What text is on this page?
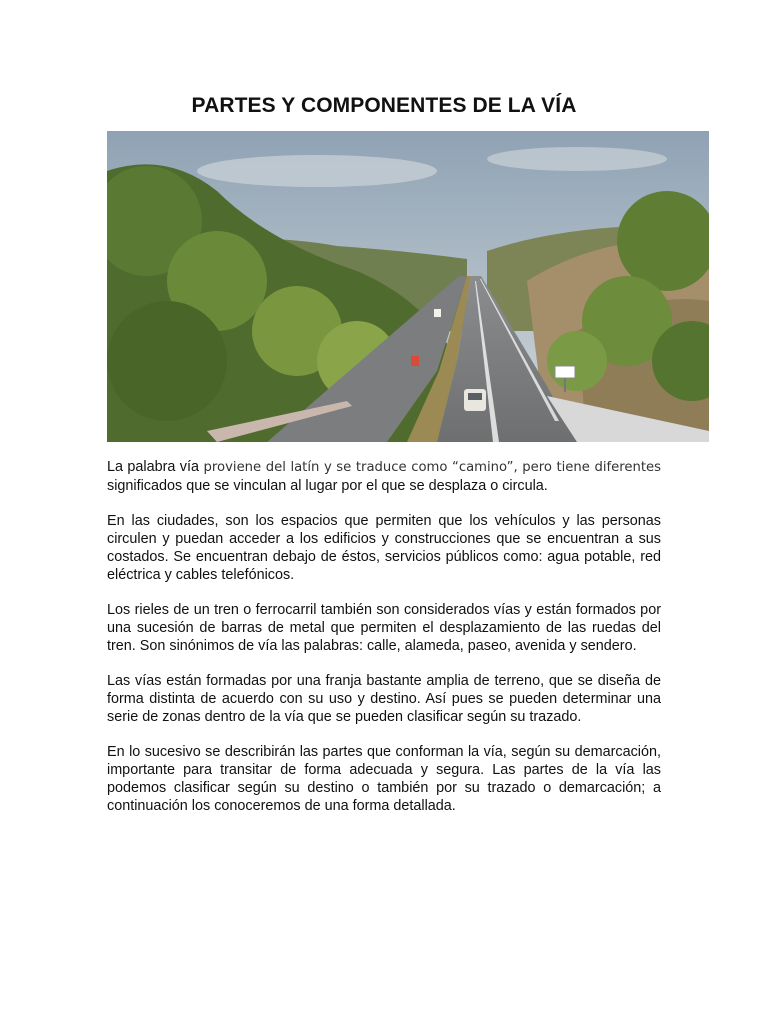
PARTES Y COMPONENTES DE LA VÍA

La palabra vía proviene del latín y se traduce como “camino”, pero tiene diferentes significados que se vinculan al lugar por el que se desplaza o circula.

En las ciudades, son los espacios que permiten que los vehículos y las personas circulen y puedan acceder a los edificios y construcciones que se encuentran a sus costados. Se encuentran debajo de éstos, servicios públicos como: agua potable, red eléctrica y cables telefónicos.

Los rieles de un tren o ferrocarril también son considerados vías y están formados por una sucesión de barras de metal que permiten el desplazamiento de las ruedas del tren. Son sinónimos de vía las palabras: calle, alameda, paseo, avenida y sendero.

Las vías están formadas por una franja bastante amplia de terreno, que se diseña de forma distinta de acuerdo con su uso y destino. Así pues se pueden determinar una serie de zonas dentro de la vía que se pueden clasificar según su trazado.

En lo sucesivo se describirán las partes que conforman la vía, según su demarcación, importante para transitar de forma adecuada y segura. Las partes de la vía las podemos clasificar según su destino o también por su trazado o demarcación; a continuación los conoceremos de una forma detallada.
